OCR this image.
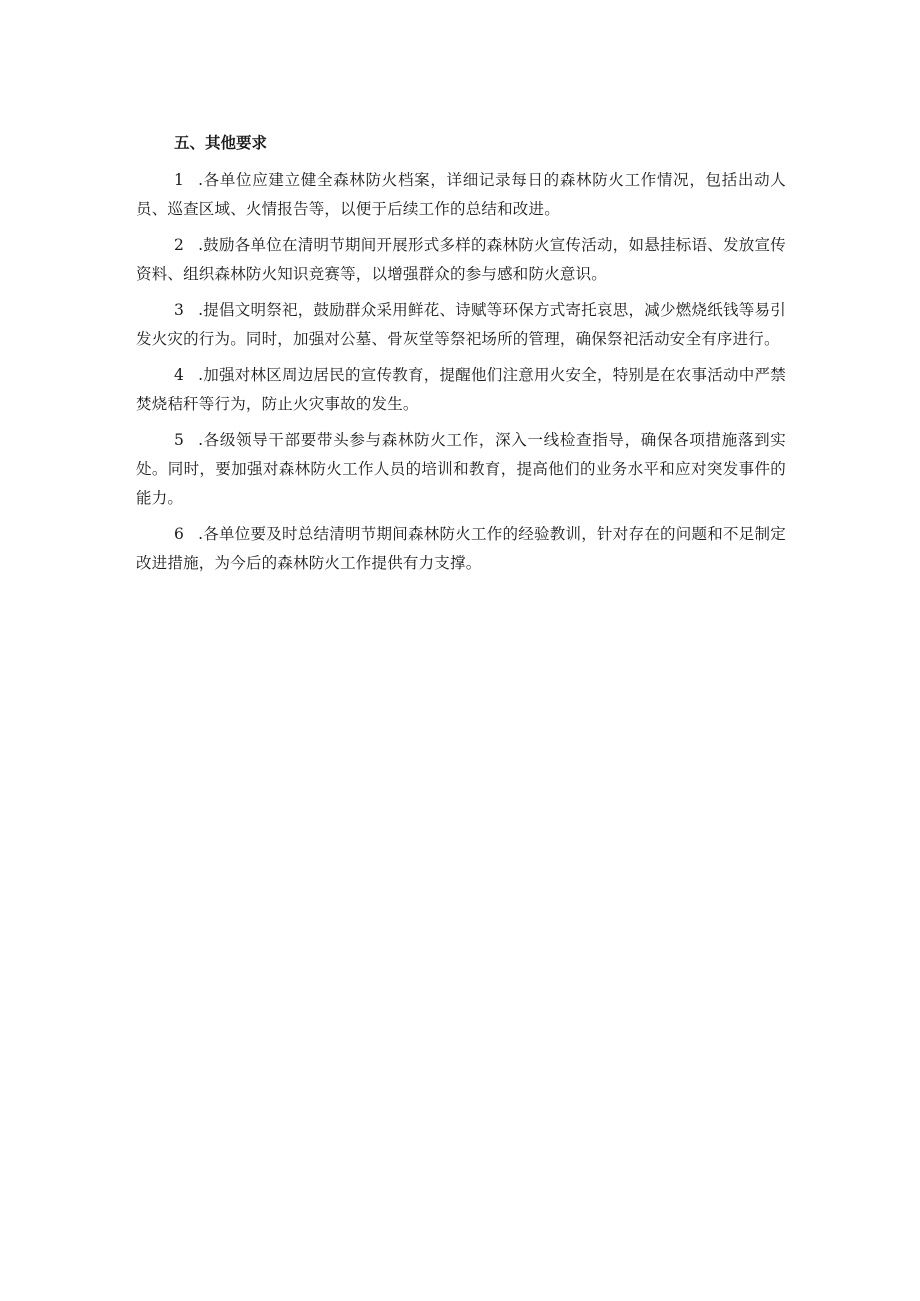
五、其他要求

1 .各单位应建立健全森林防火档案，详细记录每日的森林防火工作情况，包括出动人员、巡查区域、火情报告等，以便于后续工作的总结和改进。

2 .鼓励各单位在清明节期间开展形式多样的森林防火宣传活动，如悬挂标语、发放宣传资料、组织森林防火知识竞赛等，以增强群众的参与感和防火意识。

3 .提倡文明祭祀，鼓励群众采用鲜花、诗赋等环保方式寄托哀思，减少燃烧纸钱等易引发火灾的行为。同时，加强对公墓、骨灰堂等祭祀场所的管理，确保祭祀活动安全有序进行。

4 .加强对林区周边居民的宣传教育，提醒他们注意用火安全，特别是在农事活动中严禁焚烧秸秆等行为，防止火灾事故的发生。

5 .各级领导干部要带头参与森林防火工作，深入一线检查指导，确保各项措施落到实处。同时，要加强对森林防火工作人员的培训和教育，提高他们的业务水平和应对突发事件的能力。

6 .各单位要及时总结清明节期间森林防火工作的经验教训，针对存在的问题和不足制定改进措施，为今后的森林防火工作提供有力支撑。
